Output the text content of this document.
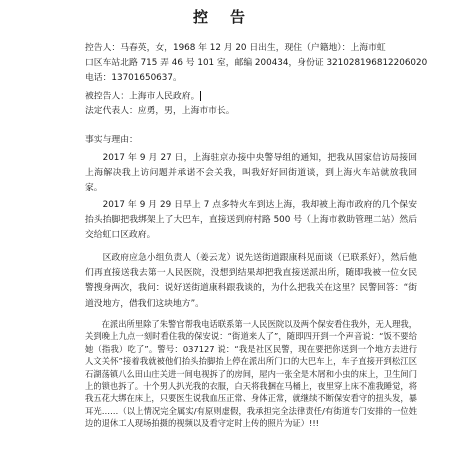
控告
控告人：马春英，女，1968 年 12 月 20 日出生，现住（户籍地）：上海市虹
口区车站北路 715 弄 46 号 101 室，邮编 200434，身份证 321028196812206020
电话：13701650637。
被控告人：上海市人民政府。
法定代表人：应勇，男，上海市市长。
事实与理由：

2017 年 9 月 27 日，上海驻京办接中央警导组的通知，把我从国家信访局接回上海解决我上访问题并承诺不会关我，叫我好好回街道谈，到上海火车站就放我回家。

2017 年 9 月 29 日早上 7 点多特火车到达上海，我却被上海市政府的几个保安抬头抬脚把我绑架上了大巴车，直接送到府村路 500 号（上海市救助管理二站）然后交给虹口区政府。

区政府应急小组负责人（姜云龙）说先送街道跟康科见面谈（已联系好），然后他们再直接送我去第一人民医院，没想到结果却把我直接送派出所，随即我被一位女民警搜身两次，我问：说好送街道康科跟我谈的，为什么把我关在这里？民警回答：“街道没地方，借我们这块地方”。

在派出所里除了朱警官帮我电话联系第一人民医院以及两个保安看住我外，无人理我，关到晚上九点一刻时看住我的保安说：“街道来人了”，随即四开到一个声音说：“饭不要给她（指我）吃了”。警号：037127 说：“我是社区民警，现在要把你送到一个地方去进行人文关怀”接着我就被他们抬头抬脚抬上停在派出所门口的大巴车上，车子直接开到松江区石湖荡镇八么田山庄关进一间电视拆了的房间，屋内一张全是木屑和小虫的床上，卫生间门上的锁也拆了。十个男人扒光我的衣服，白天将我捆在马桶上，夜里穿上床不准我睡觉，将我五花大绑在床上，只要医生说我血压正常、身体正常，就继续不断保安看守的扭头发，暴耳光……（以上情况完全属实/有原则虚假，我承担完全法律责任/有街道专门安排的一位姓边的退休工人现场拍摄的视频以及看守定时上传的照片为证）!!!
